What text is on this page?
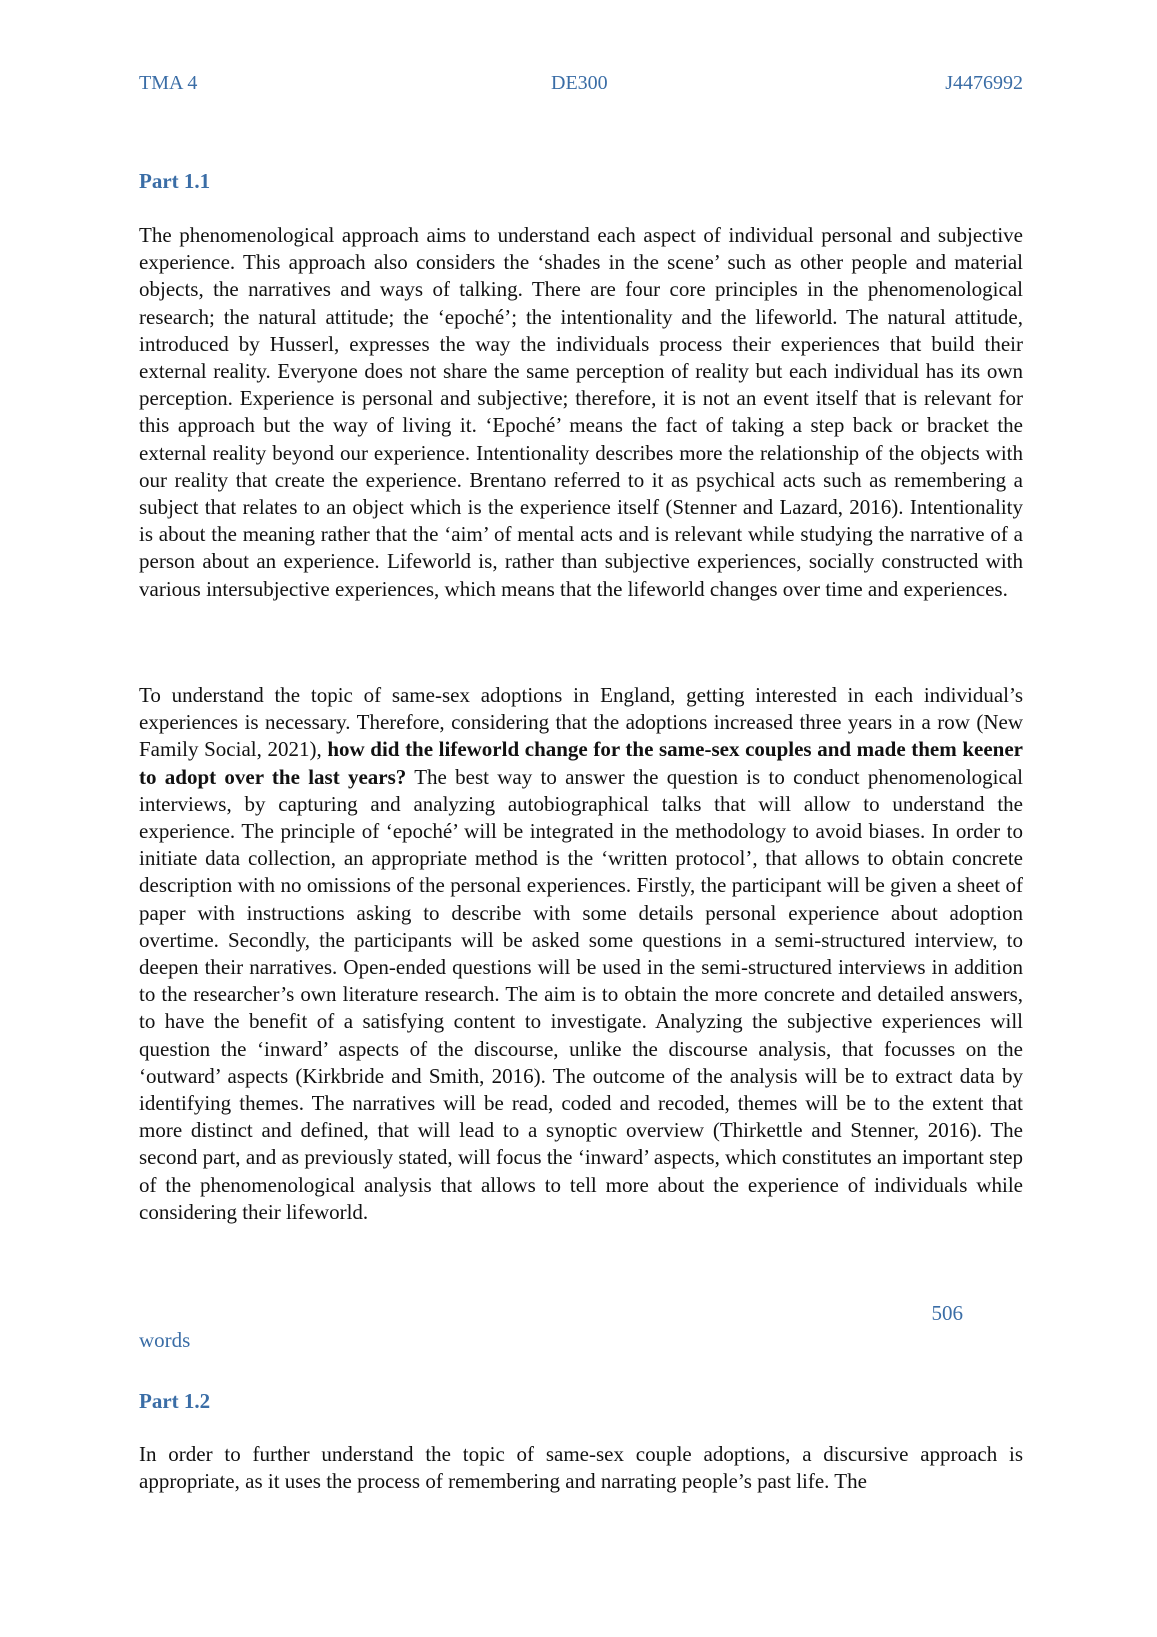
TMA 4	DE300	J4476992
Part 1.1

The phenomenological approach aims to understand each aspect of individual personal and subjective experience. This approach also considers the ‘shades in the scene’ such as other people and material objects, the narratives and ways of talking. There are four core principles in the phenomenological research; the natural attitude; the ‘epoché’; the intentionality and the lifeworld. The natural attitude, introduced by Husserl, expresses the way the individuals process their experiences that build their external reality. Everyone does not share the same perception of reality but each individual has its own perception. Experience is personal and subjective; therefore, it is not an event itself that is relevant for this approach but the way of living it. ‘Epoché’ means the fact of taking a step back or bracket the external reality beyond our experience. Intentionality describes more the relationship of the objects with our reality that create the experience. Brentano referred to it as psychical acts such as remembering a subject that relates to an object which is the experience itself (Stenner and Lazard, 2016). Intentionality is about the meaning rather that the ‘aim’ of mental acts and is relevant while studying the narrative of a person about an experience. Lifeworld is, rather than subjective experiences, socially constructed with various intersubjective experiences, which means that the lifeworld changes over time and experiences.

To understand the topic of same-sex adoptions in England, getting interested in each individual’s experiences is necessary. Therefore, considering that the adoptions increased three years in a row (New Family Social, 2021), how did the lifeworld change for the same-sex couples and made them keener to adopt over the last years? The best way to answer the question is to conduct phenomenological interviews, by capturing and analyzing autobiographical talks that will allow to understand the experience. The principle of ‘epoché’ will be integrated in the methodology to avoid biases. In order to initiate data collection, an appropriate method is the ‘written protocol’, that allows to obtain concrete description with no omissions of the personal experiences. Firstly, the participant will be given a sheet of paper with instructions asking to describe with some details personal experience about adoption overtime. Secondly, the participants will be asked some questions in a semi-structured interview, to deepen their narratives. Open-ended questions will be used in the semi-structured interviews in addition to the researcher’s own literature research. The aim is to obtain the more concrete and detailed answers, to have the benefit of a satisfying content to investigate. Analyzing the subjective experiences will question the ‘inward’ aspects of the discourse, unlike the discourse analysis, that focusses on the ‘outward’ aspects (Kirkbride and Smith, 2016). The outcome of the analysis will be to extract data by identifying themes. The narratives will be read, coded and recoded, themes will be to the extent that more distinct and defined, that will lead to a synoptic overview (Thirkettle and Stenner, 2016). The second part, and as previously stated, will focus the ‘inward’ aspects, which constitutes an important step of the phenomenological analysis that allows to tell more about the experience of individuals while considering their lifeworld.

506
words
Part 1.2

In order to further understand the topic of same-sex couple adoptions, a discursive approach is appropriate, as it uses the process of remembering and narrating people’s past life. The
